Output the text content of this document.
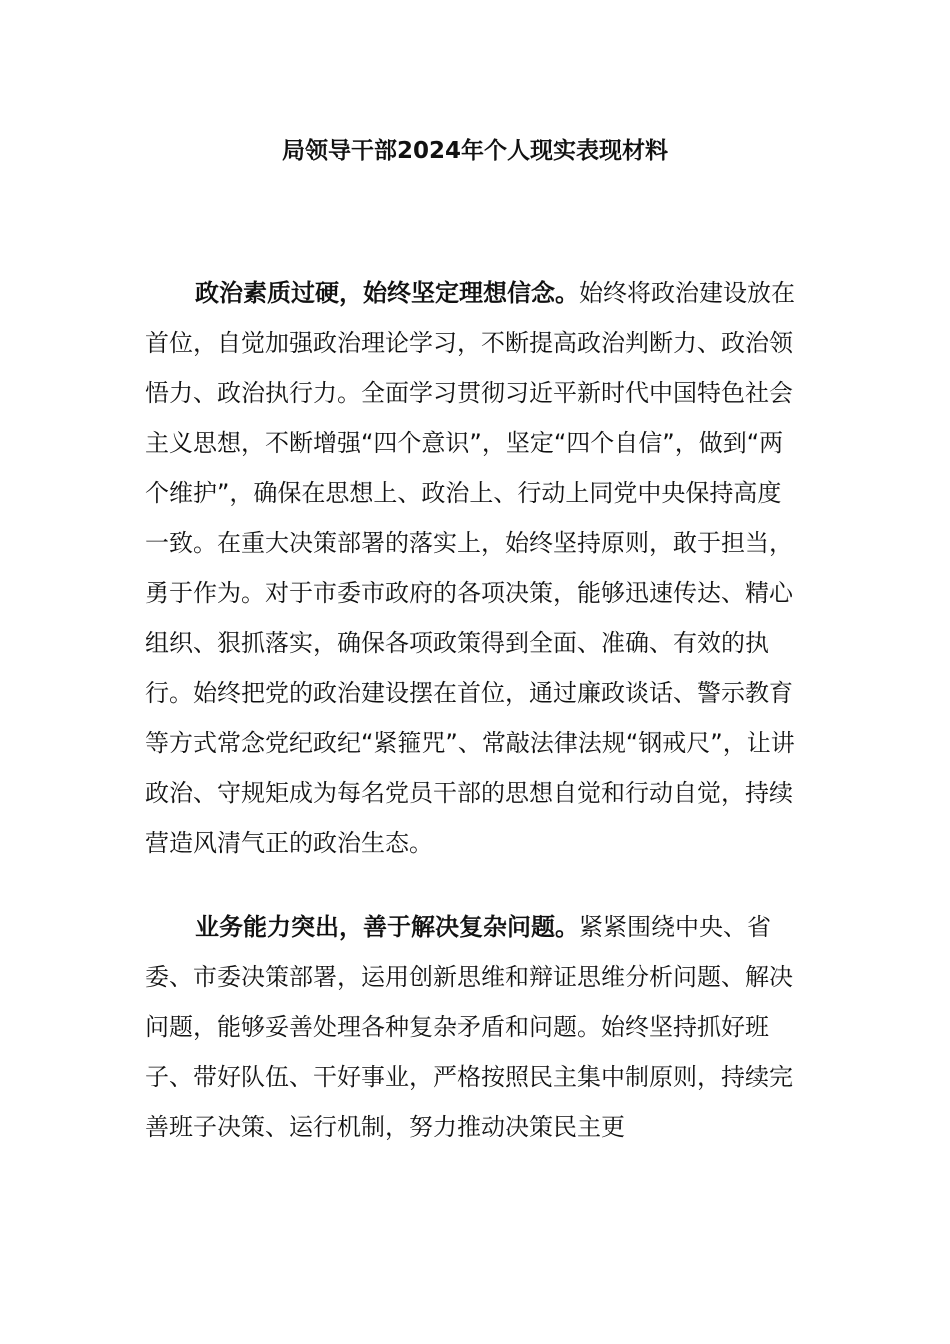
局领导干部2024年个人现实表现材料

政治素质过硬，始终坚定理想信念。始终将政治建设放在首位，自觉加强政治理论学习，不断提高政治判断力、政治领悟力、政治执行力。全面学习贯彻习近平新时代中国特色社会主义思想，不断增强“四个意识”，坚定“四个自信”，做到“两个维护”，确保在思想上、政治上、行动上同党中央保持高度一致。在重大决策部署的落实上，始终坚持原则，敢于担当，勇于作为。对于市委市政府的各项决策，能够迅速传达、精心组织、狠抓落实，确保各项政策得到全面、准确、有效的执行。始终把党的政治建设摆在首位，通过廉政谈话、警示教育等方式常念党纪政纪“紧箍咒”、常敲法律法规“钢戒尺”，让讲政治、守规矩成为每名党员干部的思想自觉和行动自觉，持续营造风清气正的政治生态。

业务能力突出，善于解决复杂问题。紧紧围绕中央、省委、市委决策部署，运用创新思维和辩证思维分析问题、解决问题，能够妥善处理各种复杂矛盾和问题。始终坚持抓好班子、带好队伍、干好事业，严格按照民主集中制原则，持续完善班子决策、运行机制，努力推动决策民主更
